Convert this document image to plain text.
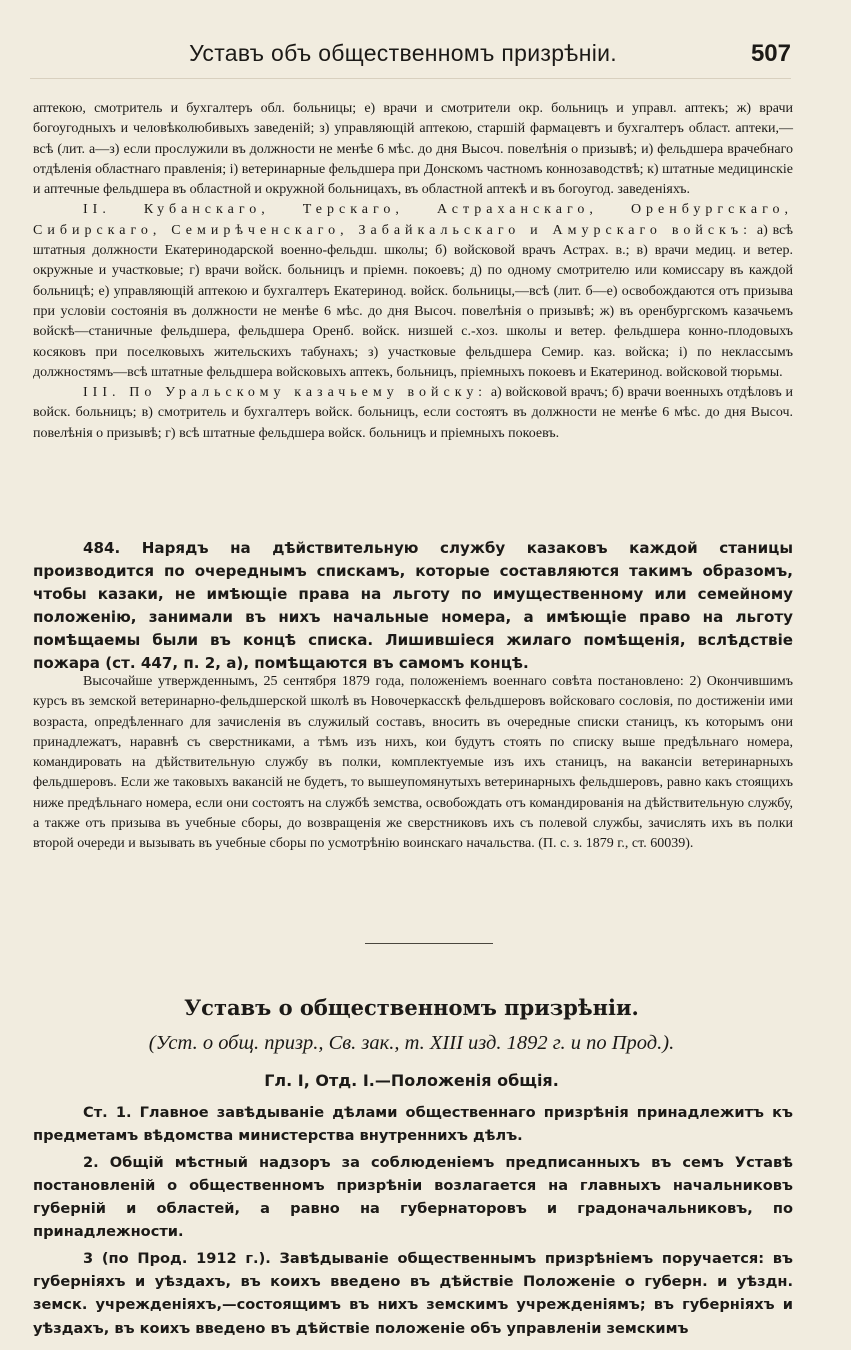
Уставъ объ общественномъ призрѣніи.	507

аптекою, смотритель и бухгалтеръ обл. больницы; е) врачи и смотрители окр. больницъ и управл. аптекъ; ж) врачи богоугодныхъ и человѣколюбивыхъ заведеній; з) управляющій аптекою, старшій фармацевтъ и бухгалтеръ област. аптеки,—всѣ (лит. а—з) если прослужили въ должности не менѣе 6 мѣс. до дня Высоч. повелѣнія о призывѣ; и) фельдшера врачебнаго отдѣленія областнаго правленія; і) ветеринарные фельдшера при Донскомъ частномъ коннозаводствѣ; к) штатные медицинскіе и аптечные фельдшера въ областной и окружной больницахъ, въ областной аптекѣ и въ богоугод. заведеніяхъ.

II. Кубанскаго, Терскаго, Астраханскаго, Оренбургскаго, Сибирскаго, Семирѣченскаго, Забайкальскаго и Амурскаго войскъ: а) всѣ штатныя должности Екатеринодарской военно-фельдш. школы; б) войсковой врачъ Астрах. в.; в) врачи медиц. и ветер. окружные и участковые; г) врачи войск. больницъ и пріемн. покоевъ; д) по одному смотрителю или комиссару въ каждой больницѣ; е) управляющій аптекою и бухгалтеръ Екатеринод. войск. больницы,—всѣ (лит. б—е) освобождаются отъ призыва при условіи состоянія въ должности не менѣе 6 мѣс. до дня Высоч. повелѣнія о призывѣ; ж) въ оренбургскомъ казачьемъ войскѣ—станичные фельдшера, фельдшера Оренб. войск. низшей с.-хоз. школы и ветер. фельдшера конно-плодовыхъ косяковъ при поселковыхъ жительскихъ табунахъ; з) участковые фельдшера Семир. каз. войска; і) по неклассымъ должностямъ—всѣ штатные фельдшера войсковыхъ аптекъ, больницъ, пріемныхъ покоевъ и Екатеринод. войсковой тюрьмы.

III. По Уральскому казачьему войску: а) войсковой врачъ; б) врачи военныхъ отдѣловъ и войск. больницъ; в) смотритель и бухгалтеръ войск. больницъ, если состоятъ въ должности не менѣе 6 мѣс. до дня Высоч. повелѣнія о призывѣ; г) всѣ штатные фельдшера войск. больницъ и пріемныхъ покоевъ.

484. Нарядъ на дѣйствительную службу казаковъ каждой станицы производится по очереднымъ спискамъ, которые составляются такимъ образомъ, чтобы казаки, не имѣющіе права на льготу по имущественному или семейному положенію, занимали въ нихъ начальные номера, а имѣющіе право на льготу помѣщаемы были въ концѣ списка. Лишившіеся жилаго помѣщенія, вслѣдствіе пожара (ст. 447, п. 2, а), помѣщаются въ самомъ концѣ.

Высочайше утвержденнымъ, 25 сентября 1879 года, положеніемъ военнаго совѣта постановлено: 2) Окончившимъ курсъ въ земской ветеринарно-фельдшерской школѣ въ Новочеркасскѣ фельдшеровъ войсковаго сословія, по достиженіи ими возраста, опредѣленнаго для зачисленія въ служилый составъ, вносить въ очередные списки станицъ, къ которымъ они принадлежатъ, наравнѣ съ сверстниками, а тѣмъ изъ нихъ, кои будутъ стоять по списку выше предѣльнаго номера, командировать на дѣйствительную службу въ полки, комплектуемые изъ ихъ станицъ, на вакансіи ветеринарныхъ фельдшеровъ. Если же таковыхъ вакансій не будетъ, то вышеупомянутыхъ ветеринарныхъ фельдшеровъ, равно какъ стоящихъ ниже предѣльнаго номера, если они состоятъ на службѣ земства, освобождать отъ командированія на дѣйствительную службу, а также отъ призыва въ учебные сборы, до возвращенія же сверстниковъ ихъ съ полевой службы, зачислять ихъ въ полки второй очереди и вызывать въ учебные сборы по усмотрѣнію воинскаго начальства. (П. с. з. 1879 г., ст. 60039).

Уставъ о общественномъ призрѣніи.
(Уст. о общ. призр., Св. зак., т. XIII изд. 1892 г. и по Прод.).
Гл. I, Отд. I.—Положенія общія.

Ст. 1. Главное завѣдываніе дѣлами общественнаго призрѣнія принадлежитъ къ предметамъ вѣдомства министерства внутреннихъ дѣлъ.

2. Общій мѣстный надзоръ за соблюденіемъ предписанныхъ въ семъ Уставѣ постановленій о общественномъ призрѣніи возлагается на главныхъ начальниковъ губерній и областей, а равно на губернаторовъ и градоначальниковъ, по принадлежности.

3 (по Прод. 1912 г.). Завѣдываніе общественнымъ призрѣніемъ поручается: въ губерніяхъ и уѣздахъ, въ коихъ введено въ дѣйствіе Положеніе о губерн. и уѣздн. земск. учрежденіяхъ,—состоящимъ въ нихъ земскимъ учрежденіямъ; въ губерніяхъ и уѣздахъ, въ коихъ введено въ дѣйствіе положеніе объ управленіи земскимъ
